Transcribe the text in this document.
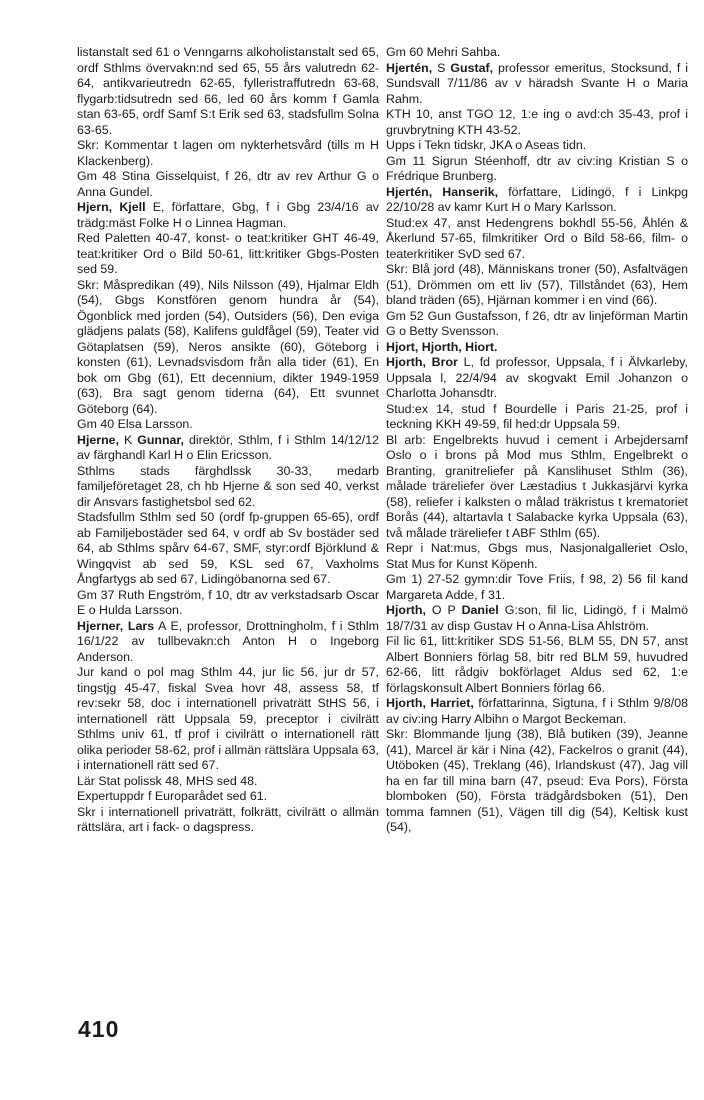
listanstalt sed 61 o Venngarns alkoholistanstalt sed 65, ordf Sthlms övervakn:nd sed 65, 55 års valutredn 62-64, antikvarieutredn 62-65, fylleristraffutredn 63-68, flygarb:tidsutredn sed 66, led 60 års komm f Gamla stan 63-65, ordf Samf S:t Erik sed 63, stadsfullm Solna 63-65.

Skr: Kommentar t lagen om nykterhetsvård (tills m H Klackenberg).

Gm 48 Stina Gisselquist, f 26, dtr av rev Arthur G o Anna Gundel.

Hjern, Kjell E, författare, Gbg, f i Gbg 23/4/16 av trädg:mäst Folke H o Linnea Hagman.

Red Paletten 40-47, konst- o teat:kritiker GHT 46-49, teat:kritiker Ord o Bild 50-61, litt:kritiker Gbgs-Posten sed 59.

Skr: Måspredikan (49), Nils Nilsson (49), Hjalmar Eldh (54), Gbgs Konstfören genom hundra år (54), Ögonblick med jorden (54), Outsiders (56), Den eviga glädjens palats (58), Kalifens guldfågel (59), Teater vid Götaplatsen (59), Neros ansikte (60), Göteborg i konsten (61), Levnadsvisdom från alla tider (61), En bok om Gbg (61), Ett decennium, dikter 1949-1959 (63), Bra sagt genom tiderna (64), Ett svunnet Göteborg (64).

Gm 40 Elsa Larsson.

Hjerne, K Gunnar, direktör, Sthlm, f i Sthlm 14/12/12 av färghandl Karl H o Elin Ericsson.

Sthlms stads färghdlssk 30-33, medarb familjeföretaget 28, ch hb Hjerne & son sed 40, verkst dir Ansvars fastighetsbol sed 62.

Stadsfullm Sthlm sed 50 (ordf fp-gruppen 65-65), ordf ab Familjebostäder sed 64, v ordf ab Sv bostäder sed 64, ab Sthlms spårv 64-67, SMF, styr:ordf Björklund & Wingqvist ab sed 59, KSL sed 67, Vaxholms Ångfartygs ab sed 67, Lidingöbanorna sed 67.

Gm 37 Ruth Engström, f 10, dtr av verkstadsarb Oscar E o Hulda Larsson.

Hjerner, Lars A E, professor, Drottningholm, f i Sthlm 16/1/22 av tullbevakn:ch Anton H o Ingeborg Anderson.

Jur kand o pol mag Sthlm 44, jur lic 56, jur dr 57, tingstjg 45-47, fiskal Svea hovr 48, assess 58, tf rev:sekr 58, doc i internationell privaträtt StHS 56, i internationell rätt Uppsala 59, preceptor i civilrätt Sthlms univ 61, tf prof i civilrätt o internationell rätt olika perioder 58-62, prof i allmän rättslära Uppsala 63, i internationell rätt sed 67.

Lär Stat polissk 48, MHS sed 48.

Expertuppdr f Europarådet sed 61.

Skr i internationell privaträtt, folkrätt, civilrätt o allmän rättslära, art i fack- o dagspress.

Gm 60 Mehri Sahba.

Hjertén, S Gustaf, professor emeritus, Stocksund, f i Sundsvall 7/11/86 av v häradsh Svante H o Maria Rahm.

KTH 10, anst TGO 12, 1:e ing o avd:ch 35-43, prof i gruvbrytning KTH 43-52.

Upps i Tekn tidskr, JKA o Aseas tidn.

Gm 11 Sigrun Stéenhoff, dtr av civ:ing Kristian S o Frédrique Brunberg.

Hjertén, Hanserik, författare, Lidingö, f i Linkpg 22/10/28 av kamr Kurt H o Mary Karlsson.

Stud:ex 47, anst Hedengrens bokhdl 55-56, Åhlén & Åkerlund 57-65, filmkritiker Ord o Bild 58-66, film- o teaterkritiker SvD sed 67.

Skr: Blå jord (48), Människans troner (50), Asfaltvägen (51), Drömmen om ett liv (57), Tillståndet (63), Hem bland träden (65), Hjärnan kommer i en vind (66).

Gm 52 Gun Gustafsson, f 26, dtr av linjeförman Martin G o Betty Svensson.

Hjort, Hjorth, Hiort.

Hjorth, Bror L, fd professor, Uppsala, f i Älvkarleby, Uppsala l, 22/4/94 av skogvakt Emil Johanzon o Charlotta Johansdtr.

Stud:ex 14, stud f Bourdelle i Paris 21-25, prof i teckning KKH 49-59, fil hed:dr Uppsala 59.

Bl arb: Engelbrekts huvud i cement i Arbejdersamf Oslo o i brons på Mod mus Sthlm, Engelbrekt o Branting, granitreliefer på Kanslihuset Sthlm (36), målade träreliefer över Læstadius t Jukkasjärvi kyrka (58), reliefer i kalksten o målad träkristus t krematoriet Borås (44), altartavla t Salabacke kyrka Uppsala (63), två målade träreliefer t ABF Sthlm (65).

Repr i Nat:mus, Gbgs mus, Nasjonalgalleriet Oslo, Stat Mus for Kunst Köpenh.

Gm 1) 27-52 gymn:dir Tove Friis, f 98, 2) 56 fil kand Margareta Adde, f 31.

Hjorth, O P Daniel G:son, fil lic, Lidingö, f i Malmö 18/7/31 av disp Gustav H o Anna-Lisa Ahlström.

Fil lic 61, litt:kritiker SDS 51-56, BLM 55, DN 57, anst Albert Bonniers förlag 58, bitr red BLM 59, huvudred 62-66, litt rådgiv bokförlaget Aldus sed 62, 1:e förlagskonsult Albert Bonniers förlag 66.

Hjorth, Harriet, författarinna, Sigtuna, f i Sthlm 9/8/08 av civ:ing Harry Albihn o Margot Beckeman.

Skr: Blommande ljung (38), Blå butiken (39), Jeanne (41), Marcel är kär i Nina (42), Fackelros o granit (44), Utöboken (45), Treklang (46), Irlandskust (47), Jag vill ha en far till mina barn (47, pseud: Eva Pors), Första blomboken (50), Första trädgårdsboken (51), Den tomma famnen (51), Vägen till dig (54), Keltisk kust (54),

410
